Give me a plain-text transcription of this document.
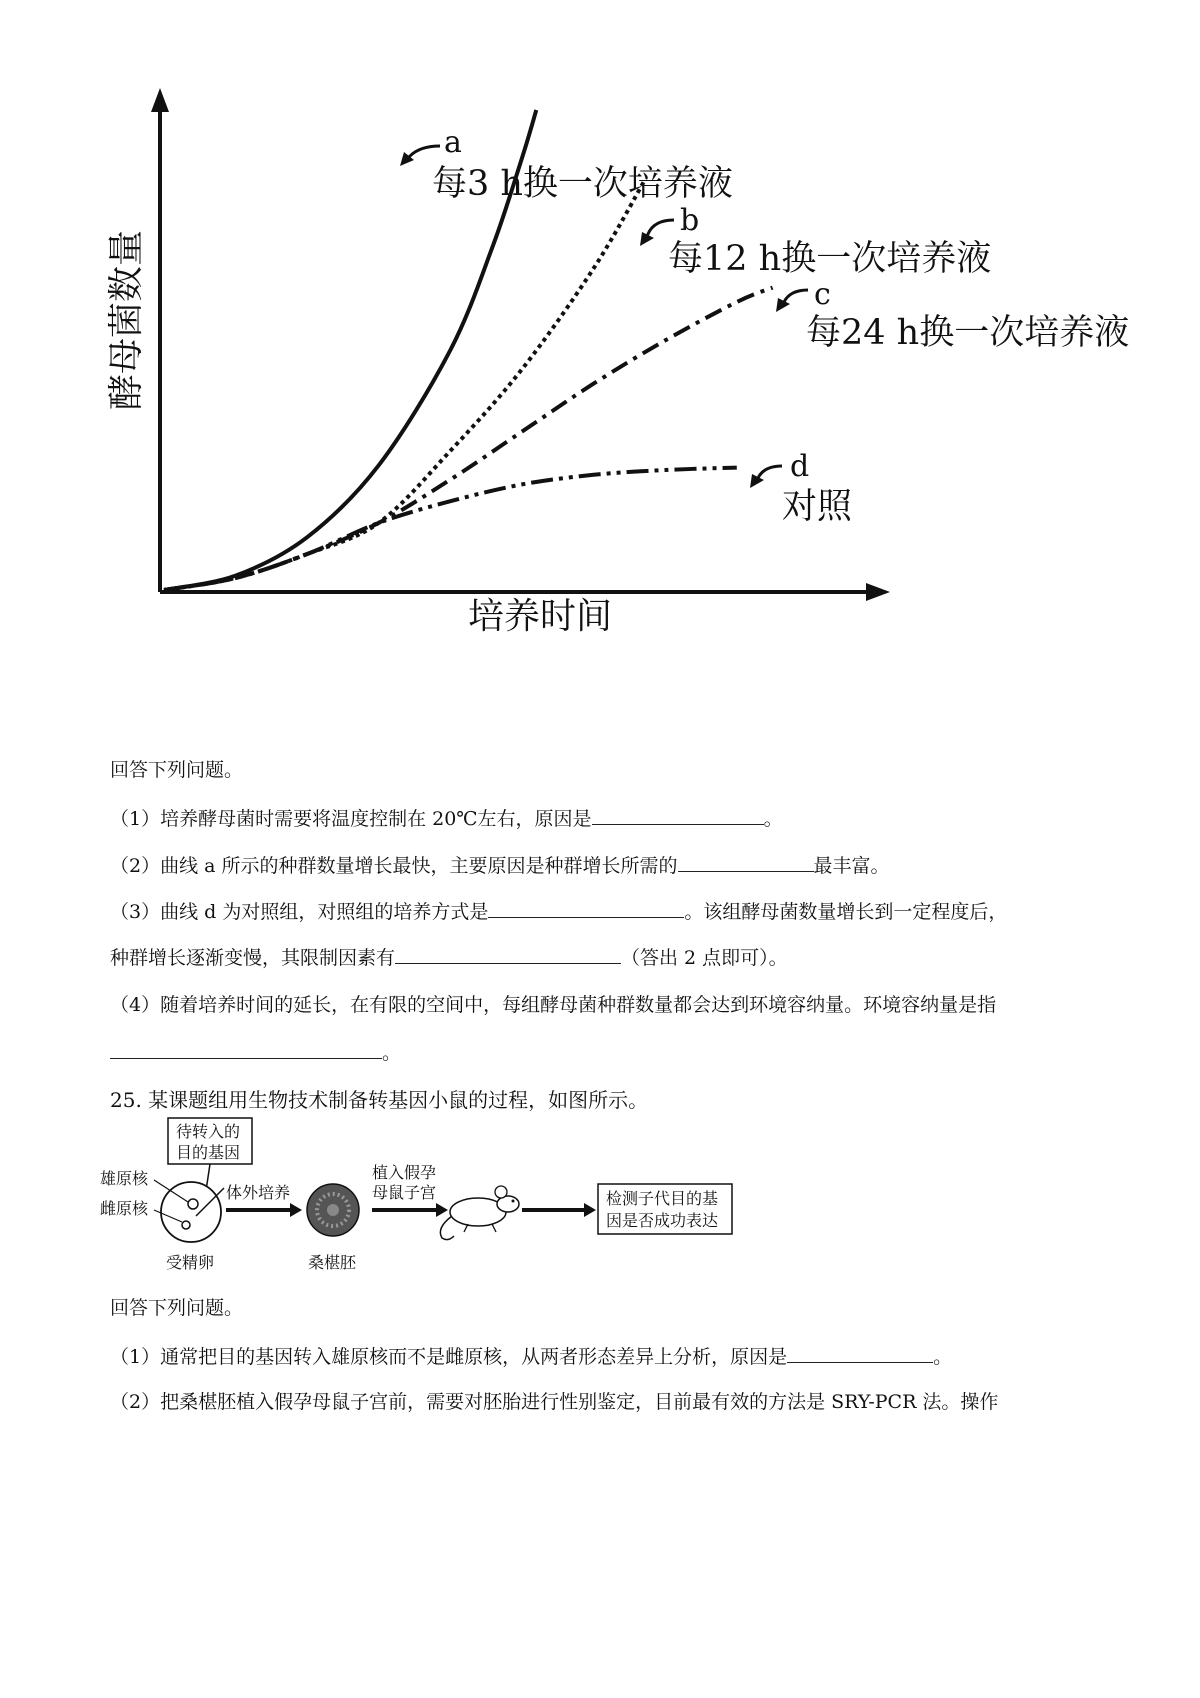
培养时间
酵母菌数量
a
每3 h换一次培养液
b
每12 h换一次培养液
c
每24 h换一次培养液
d
对照
回答下列问题。
（1）培养酵母菌时需要将温度控制在 20℃左右，原因是	。
（2）曲线 a 所示的种群数量增长最快，主要原因是种群增长所需的	最丰富。
（3）曲线 d 为对照组，对照组的培养方式是	。该组酵母菌数量增长到一定程度后，
种群增长逐渐变慢，其限制因素有	（答出 2 点即可）。
（4）随着培养时间的延长，在有限的空间中，每组酵母菌种群数量都会达到环境容纳量。环境容纳量是指
。
25. 某课题组用生物技术制备转基因小鼠的过程，如图所示。
待转入的
目的基因
雄原核
雌原核
受精卵
体外培养
桑椹胚
植入假孕
母鼠子宫	检测子代目的基
因是否成功表达
回答下列问题。
（1）通常把目的基因转入雄原核而不是雌原核，从两者形态差异上分析，原因是	。
（2）把桑椹胚植入假孕母鼠子宫前，需要对胚胎进行性别鉴定，目前最有效的方法是 SRY-PCR 法。操作
